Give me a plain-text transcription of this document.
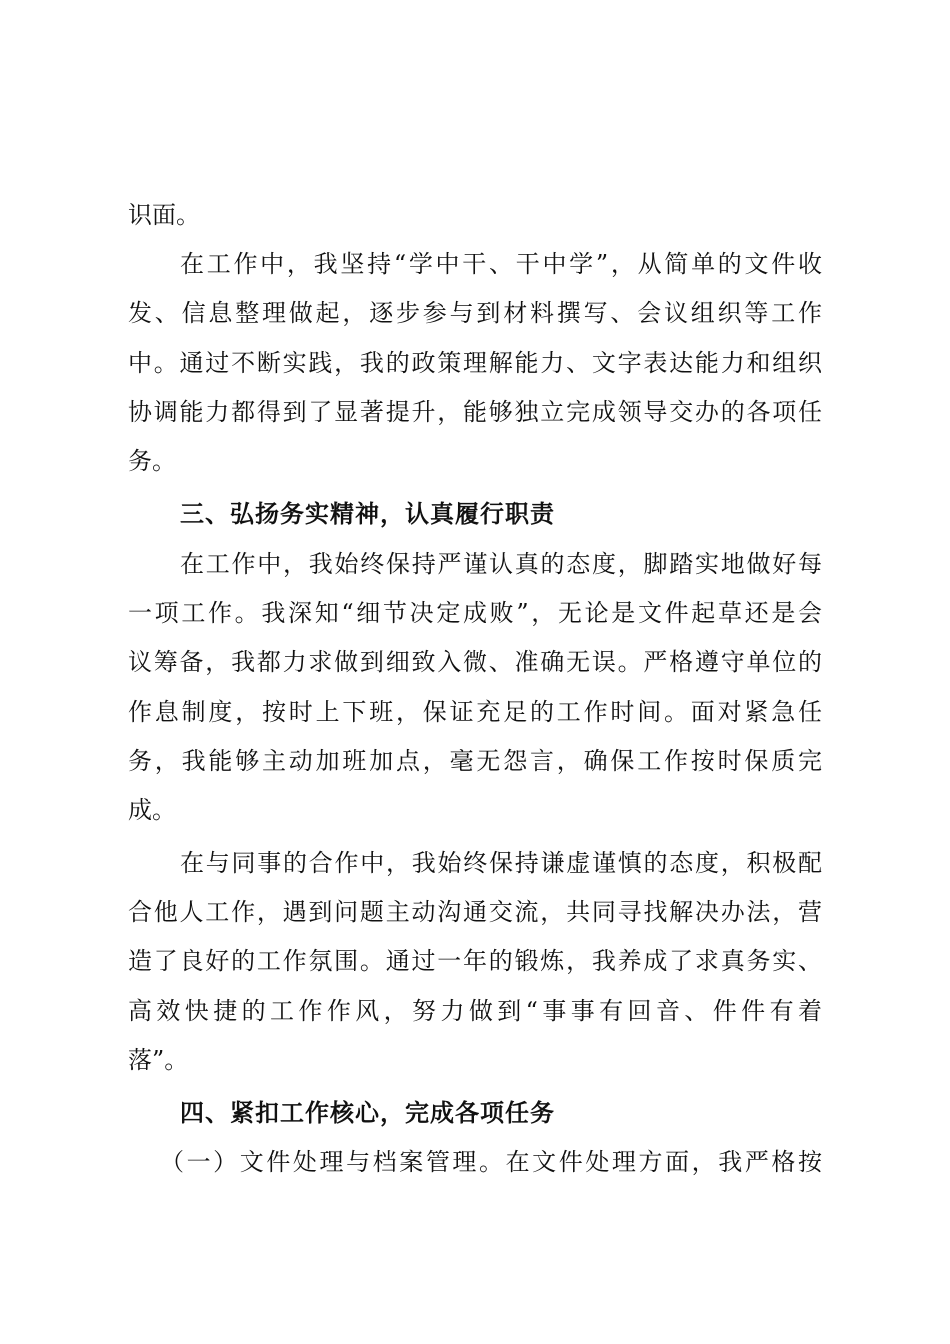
识面。
在工作中，我坚持“学中干、干中学”，从简单的文件收
发、信息整理做起，逐步参与到材料撰写、会议组织等工作
中。通过不断实践，我的政策理解能力、文字表达能力和组织
协调能力都得到了显著提升，能够独立完成领导交办的各项任
务。
三、弘扬务实精神，认真履行职责
在工作中，我始终保持严谨认真的态度，脚踏实地做好每
一项工作。我深知“细节决定成败”，无论是文件起草还是会
议筹备，我都力求做到细致入微、准确无误。严格遵守单位的
作息制度，按时上下班，保证充足的工作时间。面对紧急任
务，我能够主动加班加点，毫无怨言，确保工作按时保质完
成。
在与同事的合作中，我始终保持谦虚谨慎的态度，积极配
合他人工作，遇到问题主动沟通交流，共同寻找解决办法，营
造了良好的工作氛围。通过一年的锻炼，我养成了求真务实、
高效快捷的工作作风，努力做到“事事有回音、件件有着
落”。
四、紧扣工作核心，完成各项任务
（一）文件处理与档案管理。在文件处理方面，我严格按
